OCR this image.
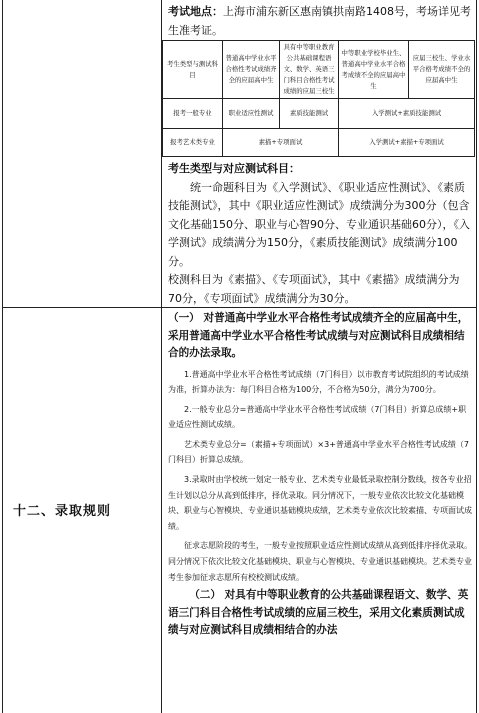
十二、录取规则
考试地点：上海市浦东新区惠南镇拱南路1408号，考场详见考生准考证。
考生类型与测试科目	普通高中学业水平合格性考试成绩齐全的应届高中生	具有中等职业教育公共基础课程语文、数学、英语三门科目合格性考试成绩的应届三校生	中等职业学校毕业生、普通高中学业水平合格考成绩不全的应届高中生	应届三校生、学业水平合格考成绩不全的应届高中生
报考一般专业	职业适应性测试	素质技能测试	入学测试+素质技能测试	
报考艺术类专业	素描+专项面试		入学测试+素描+专项面试	
考生类型与对应测试科目：
统一命题科目为《入学测试》、《职业适应性测试》、《素质技能测试》，其中《职业适应性测试》成绩满分为300分（包含文化基础150分、职业与心智90分、专业通识基础60分），《入学测试》成绩满分为150分，《素质技能测试》成绩满分100分。
校测科目为《素描》、《专项面试》，其中《素描》成绩满分为70分，《专项面试》成绩满分为30分。
（一） 对普通高中学业水平合格性考试成绩齐全的应届高中生，采用普通高中学业水平合格性考试成绩与对应测试科目成绩相结合的办法录取。
1.普通高中学业水平合格性考试成绩（7门科目）以市教育考试院组织的考试成绩为准，折算办法为：每门科目合格为100分，不合格为50分，满分为700分。
2.一般专业总分=普通高中学业水平合格性考试成绩（7门科目）折算总成绩+职业适应性测试成绩。
艺术类专业总分=（素描+专项面试）×3+普通高中学业水平合格性考试成绩（7门科目）折算总成绩。
3.录取时由学校统一划定一般专业、艺术类专业最低录取控制分数线，按各专业招生计划以总分从高到低排序，择优录取。同分情况下，一般专业依次比较文化基础模块、职业与心智模块、专业通识基础模块成绩，艺术类专业依次比较素描、专项面试成绩。
征求志愿阶段的考生，一般专业按照职业适应性测试成绩从高到低排序择优录取。同分情况下依次比较文化基础模块、职业与心智模块、专业通识基础模块。艺术类专业考生参加征求志愿所有校校测试成绩。
（二） 对具有中等职业教育的公共基础课程语文、数学、英语三门科目合格性考试成绩的应届三校生，采用文化素质测试成绩与对应测试科目成绩相结合的办法
